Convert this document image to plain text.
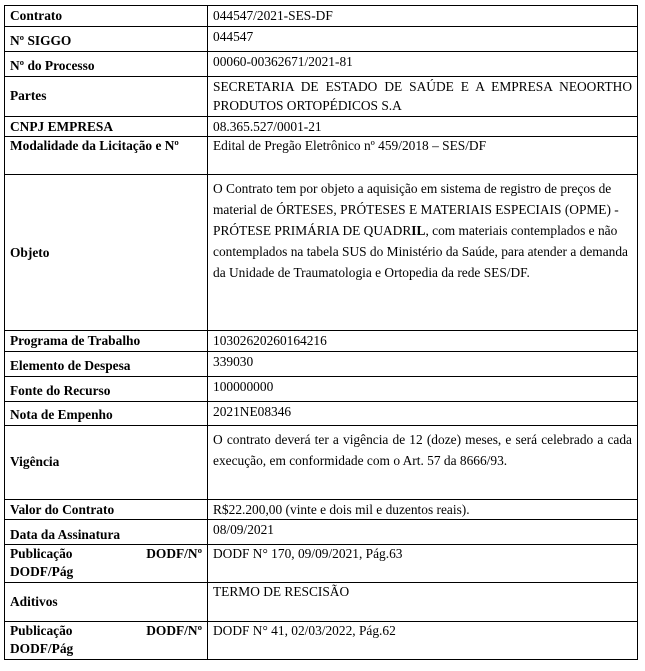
Contrato	044547/2021-SES-DF
Nº SIGGO	044547
Nº do Processo	00060-00362671/2021-81
Partes	SECRETARIA DE ESTADO DE SAÚDE E A EMPRESA NEOORTHO PRODUTOS ORTOPÉDICOS S.A
CNPJ EMPRESA	08.365.527/0001-21
Modalidade da Licitação e Nº	Edital de Pregão Eletrônico nº 459/2018 – SES/DF
Objeto	O Contrato tem por objeto a aquisição em sistema de registro de preços de material de ÓRTESES, PRÓTESES E MATERIAIS ESPECIAIS (OPME) - PRÓTESE PRIMÁRIA DE QUADRIL, com materiais contemplados e não contemplados na tabela SUS do Ministério da Saúde, para atender a demanda da Unidade de Traumatologia e Ortopedia da rede SES/DF.
Programa de Trabalho	10302620260164216
Elemento de Despesa	339030
Fonte do Recurso	100000000
Nota de Empenho	2021NE08346
Vigência	O contrato deverá ter a vigência de 12 (doze) meses, e será celebrado a cada execução, em conformidade com o Art. 57 da 8666/93.
Valor do Contrato	R$22.200,00 (vinte e dois mil e duzentos reais).
Data da Assinatura	08/09/2021

Publicação DODF/Nº
DODF/Pág	DODF N° 170, 09/09/2021, Pág.63
Aditivos	TERMO DE RESCISÃO

Publicação DODF/Nº
DODF/Pág	DODF N° 41, 02/03/2022, Pág.62
